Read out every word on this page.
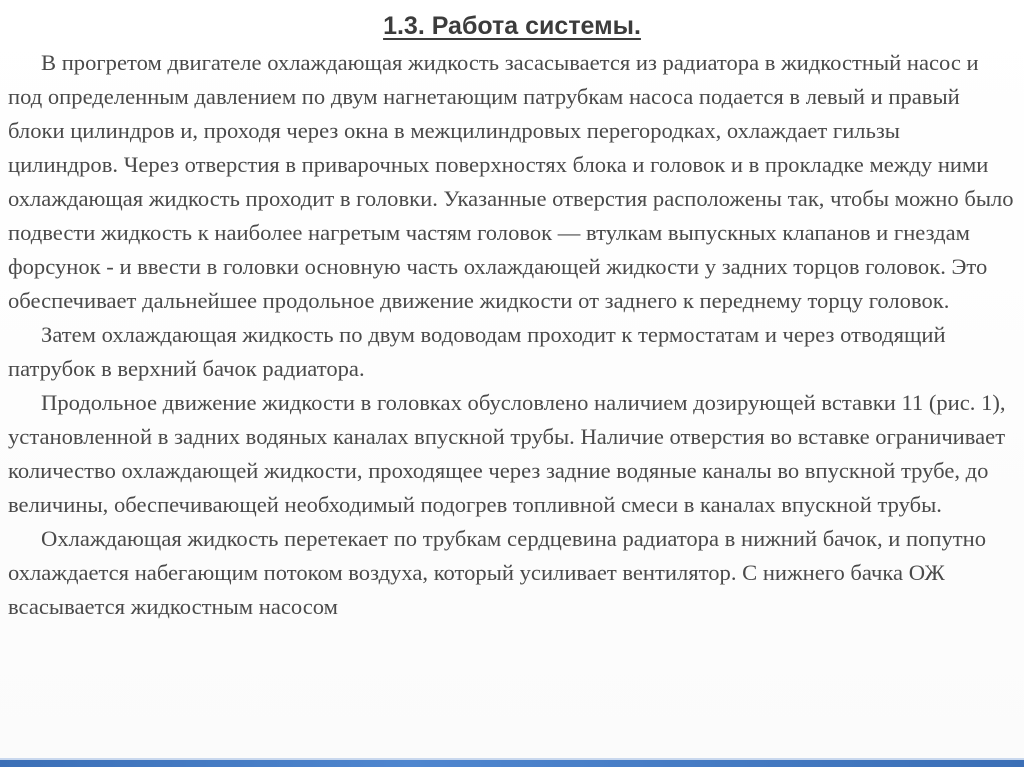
1.3. Работа системы.

В прогретом двигателе охлаждающая жидкость засасывается из радиатора в жидкостный насос и под определенным давлением по двум нагнетающим патрубкам насоса подается в левый и правый блоки цилиндров и, проходя через окна в межцилиндровых перегородках, охлаждает гильзы цилиндров. Через отверстия в приварочных поверхностях блока и головок и в прокладке между ними охлаждающая жидкость проходит в головки. Указанные отверстия расположены так, чтобы можно было подвести жидкость к наиболее нагретым частям головок — втулкам выпускных клапанов и гнездам форсунок - и ввести в головки основную часть охлаждающей жидкости у задних торцов головок. Это обеспечивает дальнейшее продольное движение жидкости от заднего к переднему торцу головок.

Затем охлаждающая жидкость по двум водоводам проходит к термостатам и через отводящий патрубок в верхний бачок радиатора.

Продольное движение жидкости в головках обусловлено наличием дозирующей вставки 11 (рис. 1), установленной в задних водяных каналах впускной трубы. Наличие отверстия во вставке ограничивает количество охлаждающей жидкости, проходящее через задние водяные каналы во впускной трубе, до величины, обеспечивающей необходимый подогрев топливной смеси в каналах впускной трубы.

Охлаждающая жидкость перетекает по трубкам сердцевина радиатора в нижний бачок, и попутно охлаждается набегающим потоком воздуха, который усиливает вентилятор. С нижнего бачка ОЖ всасывается жидкостным насосом
